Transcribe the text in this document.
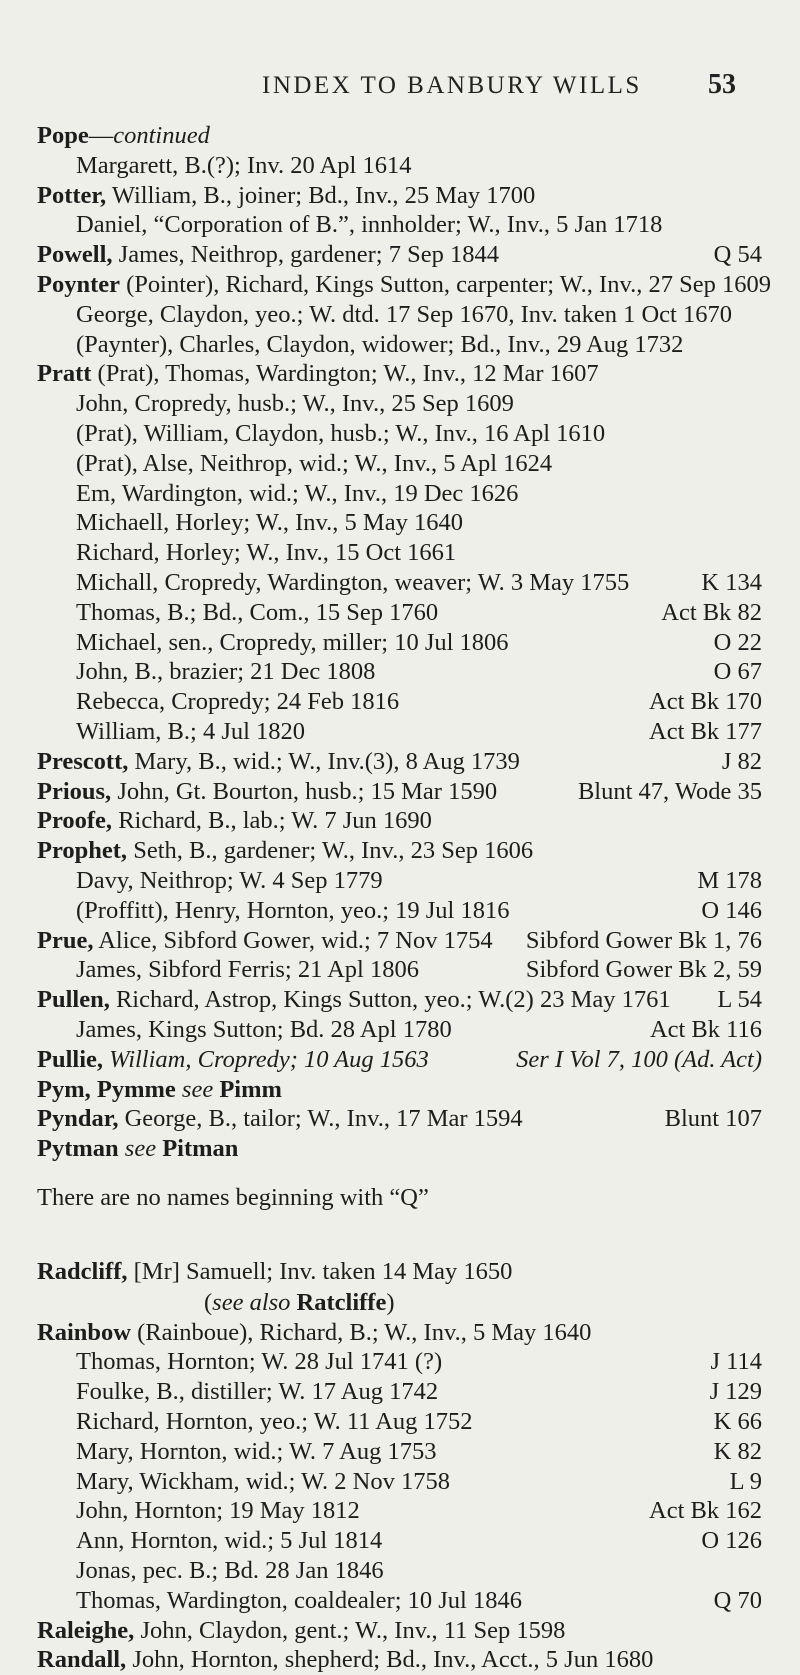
INDEX TO BANBURY WILLS 53
Pope—continued
Margarett, B.(?); Inv. 20 Apl 1614
Potter, William, B., joiner; Bd., Inv., 25 May 1700
Daniel, “Corporation of B.”, innholder; W., Inv., 5 Jan 1718
Powell, James, Neithrop, gardener; 7 Sep 1844	Q 54
Poynter (Pointer), Richard, Kings Sutton, carpenter; W., Inv., 27 Sep 1609
George, Claydon, yeo.; W. dtd. 17 Sep 1670, Inv. taken 1 Oct 1670
(Paynter), Charles, Claydon, widower; Bd., Inv., 29 Aug 1732
Pratt (Prat), Thomas, Wardington; W., Inv., 12 Mar 1607
John, Cropredy, husb.; W., Inv., 25 Sep 1609
(Prat), William, Claydon, husb.; W., Inv., 16 Apl 1610
(Prat), Alse, Neithrop, wid.; W., Inv., 5 Apl 1624
Em, Wardington, wid.; W., Inv., 19 Dec 1626
Michaell, Horley; W., Inv., 5 May 1640
Richard, Horley; W., Inv., 15 Oct 1661
Michall, Cropredy, Wardington, weaver; W. 3 May 1755	K 134
Thomas, B.; Bd., Com., 15 Sep 1760	Act Bk 82
Michael, sen., Cropredy, miller; 10 Jul 1806	O 22
John, B., brazier; 21 Dec 1808	O 67
Rebecca, Cropredy; 24 Feb 1816	Act Bk 170
William, B.; 4 Jul 1820	Act Bk 177
Prescott, Mary, B., wid.; W., Inv.(3), 8 Aug 1739	J 82
Prious, John, Gt. Bourton, husb.; 15 Mar 1590	Blunt 47, Wode 35
Proofe, Richard, B., lab.; W. 7 Jun 1690
Prophet, Seth, B., gardener; W., Inv., 23 Sep 1606
Davy, Neithrop; W. 4 Sep 1779	M 178
(Proffitt), Henry, Hornton, yeo.; 19 Jul 1816	O 146
Prue, Alice, Sibford Gower, wid.; 7 Nov 1754 Sibford Gower Bk 1, 76
James, Sibford Ferris; 21 Apl 1806	Sibford Gower Bk 2, 59
Pullen, Richard, Astrop, Kings Sutton, yeo.; W.(2) 23 May 1761 L 54
James, Kings Sutton; Bd. 28 Apl 1780	Act Bk 116
Pullie, William, Cropredy; 10 Aug 1563	Ser I Vol 7, 100 (Ad. Act)
Pym, Pymme see Pimm
Pyndar, George, B., tailor; W., Inv., 17 Mar 1594	Blunt 107
Pytman see Pitman
There are no names beginning with “Q”
Radcliff, [Mr] Samuell; Inv. taken 14 May 1650
(see also Ratcliffe)
Rainbow (Rainboue), Richard, B.; W., Inv., 5 May 1640
Thomas, Hornton; W. 28 Jul 1741 (?)	J 114
Foulke, B., distiller; W. 17 Aug 1742	J 129
Richard, Hornton, yeo.; W. 11 Aug 1752	K 66
Mary, Hornton, wid.; W. 7 Aug 1753	K 82
Mary, Wickham, wid.; W. 2 Nov 1758	L 9
John, Hornton; 19 May 1812	Act Bk 162
Ann, Hornton, wid.; 5 Jul 1814	O 126
Jonas, pec. B.; Bd. 28 Jan 1846
Thomas, Wardington, coaldealer; 10 Jul 1846	Q 70
Raleighe, John, Claydon, gent.; W., Inv., 11 Sep 1598
Randall, John, Hornton, shepherd; Bd., Inv., Acct., 5 Jun 1680
